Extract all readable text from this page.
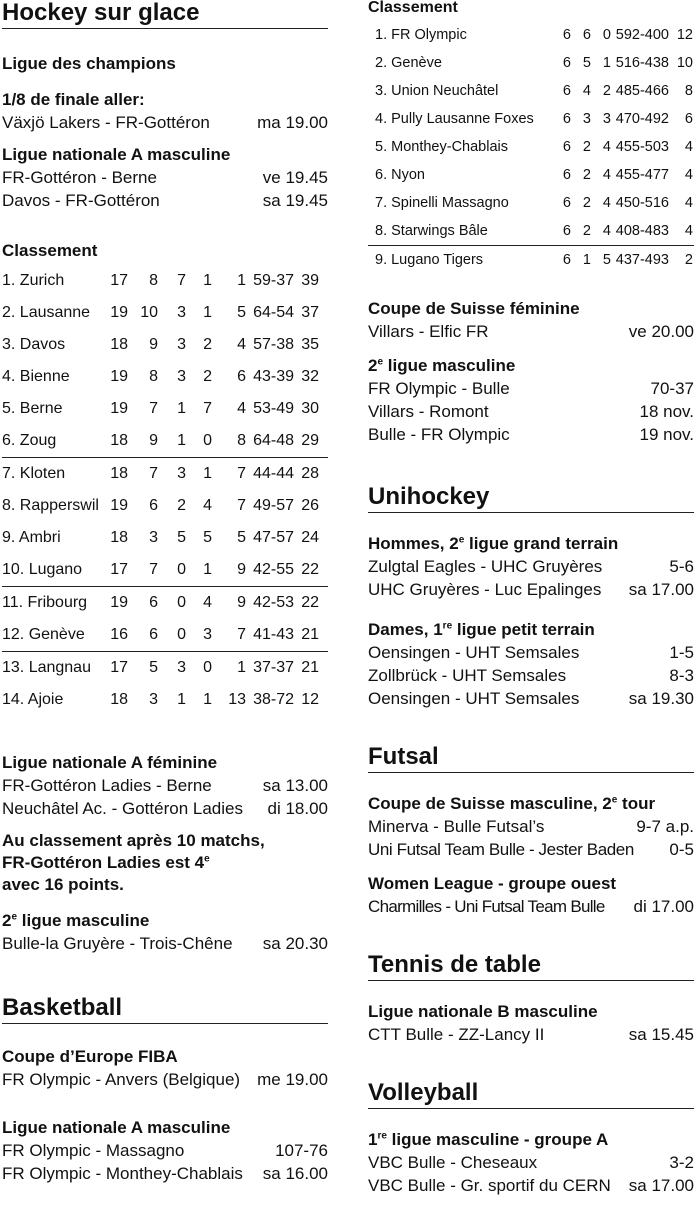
Hockey sur glace
Ligue des champions
1/8 de finale aller:
Växjö Lakers - FR-Gottéron	ma 19.00
Ligue nationale A masculine
FR-Gottéron - Berne	ve 19.45
Davos - FR-Gottéron	sa 19.45
Classement
1. Zurich	17	8	7	1	1 59-37 39
2. Lausanne	19 10	3	1	5 64-54 37
3. Davos	18	9	3	2	4 57-38 35
4. Bienne	19	8	3	2	6 43-39 32
5. Berne	19	7	1	7	4 53-49 30
6. Zoug	18	9	1	0	8 64-48 29
7. Kloten	18	7	3	1	7 44-44 28
8. Rapperswil 19	6	2	4	7 49-57 26
9. Ambri	18	3	5	5	5 47-57 24
10. Lugano	17	7	0	1	9 42-55 22
11. Fribourg	19	6	0	4	9 42-53 22
12. Genève	16	6	0	3	7 41-43 21
13. Langnau	17	5	3	0	1 37-37 21
14. Ajoie	18	3	1	1	13 38-72 12
Ligue nationale A féminine
FR-Gottéron Ladies - Berne	sa 13.00
Neuchâtel Ac. - Gottéron Ladies di 18.00
Au classement après 10 matchs,
FR-Gottéron Ladies est 4e
avec 16 points.
2e ligue masculine
Bulle-la Gruyère - Trois-Chêne sa 20.30
Basketball
Coupe d’Europe FIBA
FR Olympic - Anvers (Belgique) me 19.00
Ligue nationale A masculine
FR Olympic - Massagno	107-76
FR Olympic - Monthey-Chablais sa 16.00
Classement
1. FR Olympic	6 6 0 592-400 12
2. Genève	6 5 1 516-438 10
3. Union Neuchâtel	6 4 2 485-466	8
4. Pully Lausanne Foxes	6 3 3 470-492	6
5. Monthey-Chablais	6 2 4 455-503	4
6. Nyon	6 2 4 455-477	4
7. Spinelli Massagno	6 2 4 450-516	4
8. Starwings Bâle	6 2 4 408-483	4
9. Lugano Tigers	6 1 5 437-493	2
Coupe de Suisse féminine
Villars - Elfic FR	ve 20.00
2e ligue masculine
FR Olympic - Bulle	70-37
Villars - Romont	18 nov.
Bulle - FR Olympic	19 nov.
Unihockey
Hommes, 2e ligue grand terrain
Zulgtal Eagles - UHC Gruyères	5-6
UHC Gruyères - Luc Epalinges sa 17.00
Dames, 1re ligue petit terrain
Oensingen - UHT Semsales	1-5
Zollbrück - UHT Semsales	8-3
Oensingen - UHT Semsales	sa 19.30
Futsal
Coupe de Suisse masculine, 2e tour
Minerva - Bulle Futsal’s	9-7 a.p.
Uni Futsal Team Bulle - Jester Baden 0-5
Women League - groupe ouest
Charmilles - Uni Futsal Team Bulle di 17.00
Tennis de table
Ligue nationale B masculine
CTT Bulle - ZZ-Lancy II	sa 15.45
Volleyball
1re ligue masculine - groupe A
VBC Bulle - Cheseaux	3-2
VBC Bulle - Gr. sportif du CERN sa 17.00
